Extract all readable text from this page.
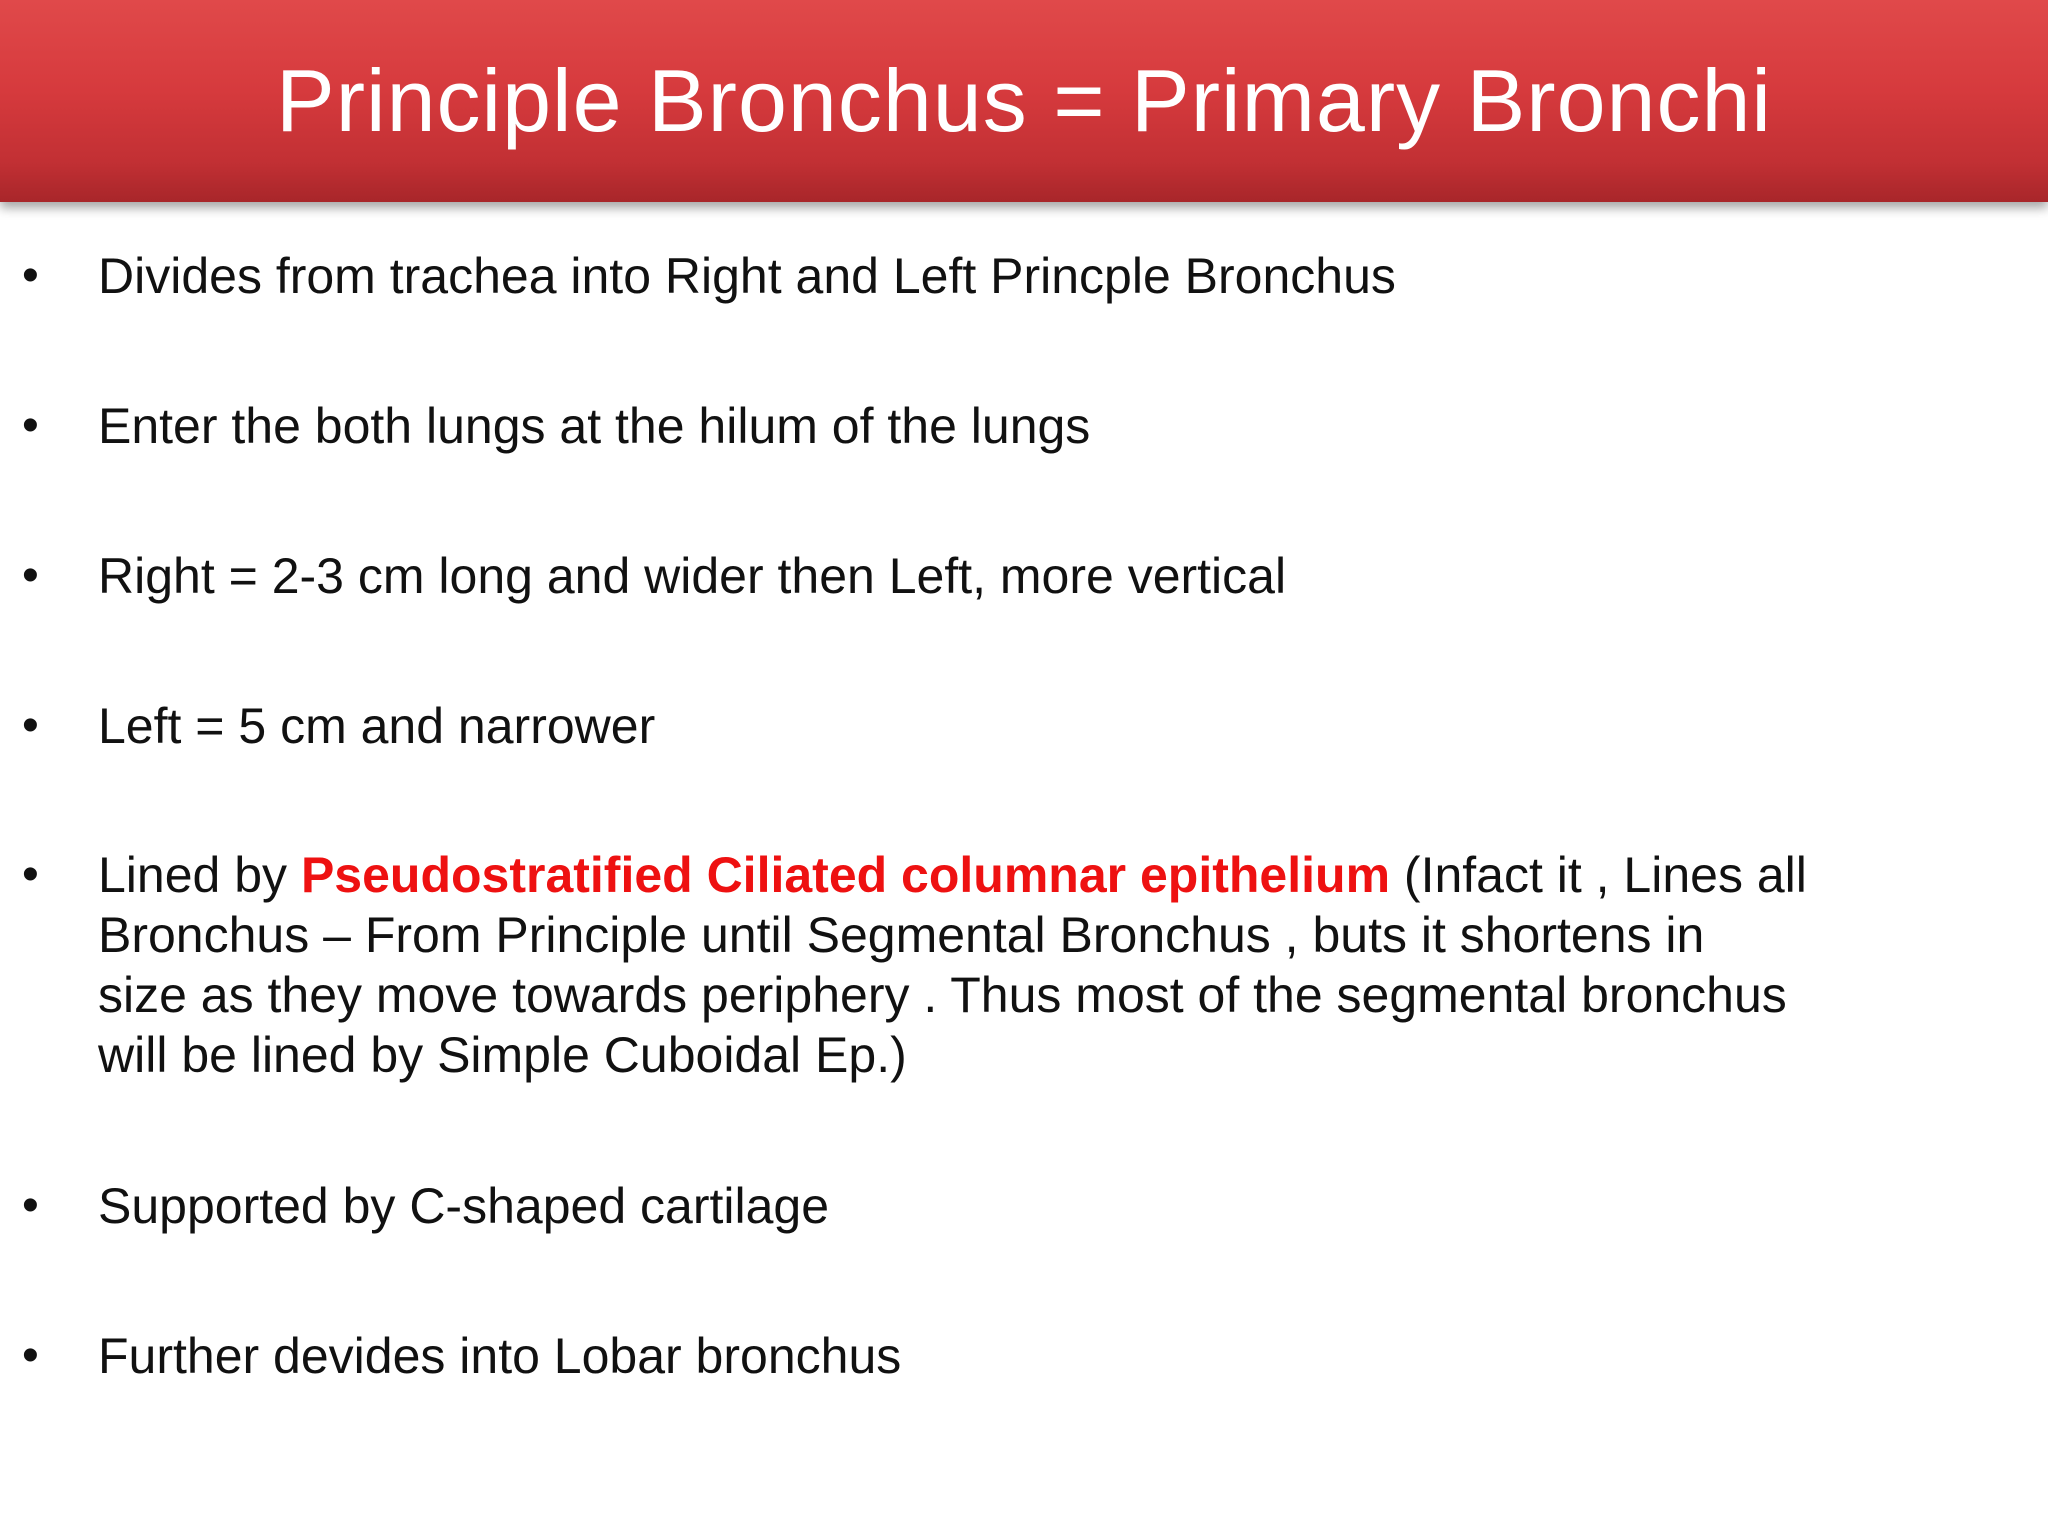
Principle Bronchus = Primary Bronchi
• Divides from trachea into Right and Left Princple Bronchus
• Enter the both lungs at the hilum of the lungs
• Right = 2-3 cm long and wider then Left, more vertical
• Left = 5 cm and narrower
• Lined by Pseudostratified Ciliated columnar epithelium (Infact it , Lines all
Bronchus – From Principle until Segmental Bronchus , buts it shortens in
size as they move towards periphery . Thus most of the segmental bronchus
will be lined by Simple Cuboidal Ep.)
• Supported by C-shaped cartilage
• Further devides into Lobar bronchus
